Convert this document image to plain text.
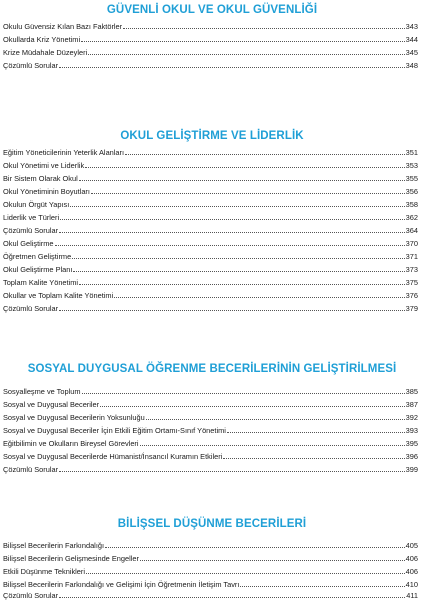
GÜVENLİ OKUL VE OKUL GÜVENLİĞİ
OKUL GELİŞTİRME VE LİDERLİK
SOSYAL DUYGUSAL ÖĞRENME BECERİLERİNİN GELİŞTİRİLMESİ
BİLİŞSEL DÜŞÜNME BECERİLERİ
Okulu Güvensiz Kılan Bazı Faktörler	343
Okullarda Kriz Yönetimi	344
Krize Müdahale Düzeyleri	345
Çözümlü Sorular	348
Eğitim Yöneticilerinin Yeterlik Alanları	351
Okul Yönetimi ve Liderlik	353
Bir Sistem Olarak Okul	355
Okul Yönetiminin Boyutları	356
Okulun Örgüt Yapısı	358
Liderlik ve Türleri	362
Çözümlü Sorular	364
Okul Geliştirme	370
Öğretmen Geliştirme	371
Okul Geliştirme Planı	373
Toplam Kalite Yönetimi	375
Okullar ve Toplam Kalite Yönetimi	376
Çözümlü Sorular	379
Sosyalleşme ve Toplum	385
Sosyal ve Duygusal Beceriler	387
Sosyal ve Duygusal Becerilerin Yoksunluğu	392
Sosyal ve Duygusal Beceriler İçin Etkili Eğitim Ortamı-Sınıf Yönetimi	393
Eğitbilimin ve Okulların Bireysel Görevleri	395
Sosyal ve Duygusal Becerilerde Hümanist/İnsancıl Kuramın Etkileri	396
Çözümlü Sorular	399
Bilişsel Becerilerin Farkındalığı	405
Bilişsel Becerilerin Gelişmesinde Engeller	406
Etkili Düşünme Teknikleri	406
Bilişsel Becerilerin Farkındalığı ve Gelişimi İçin Öğretmenin İletişim Tavrı	410
Çözümlü Sorular	411
